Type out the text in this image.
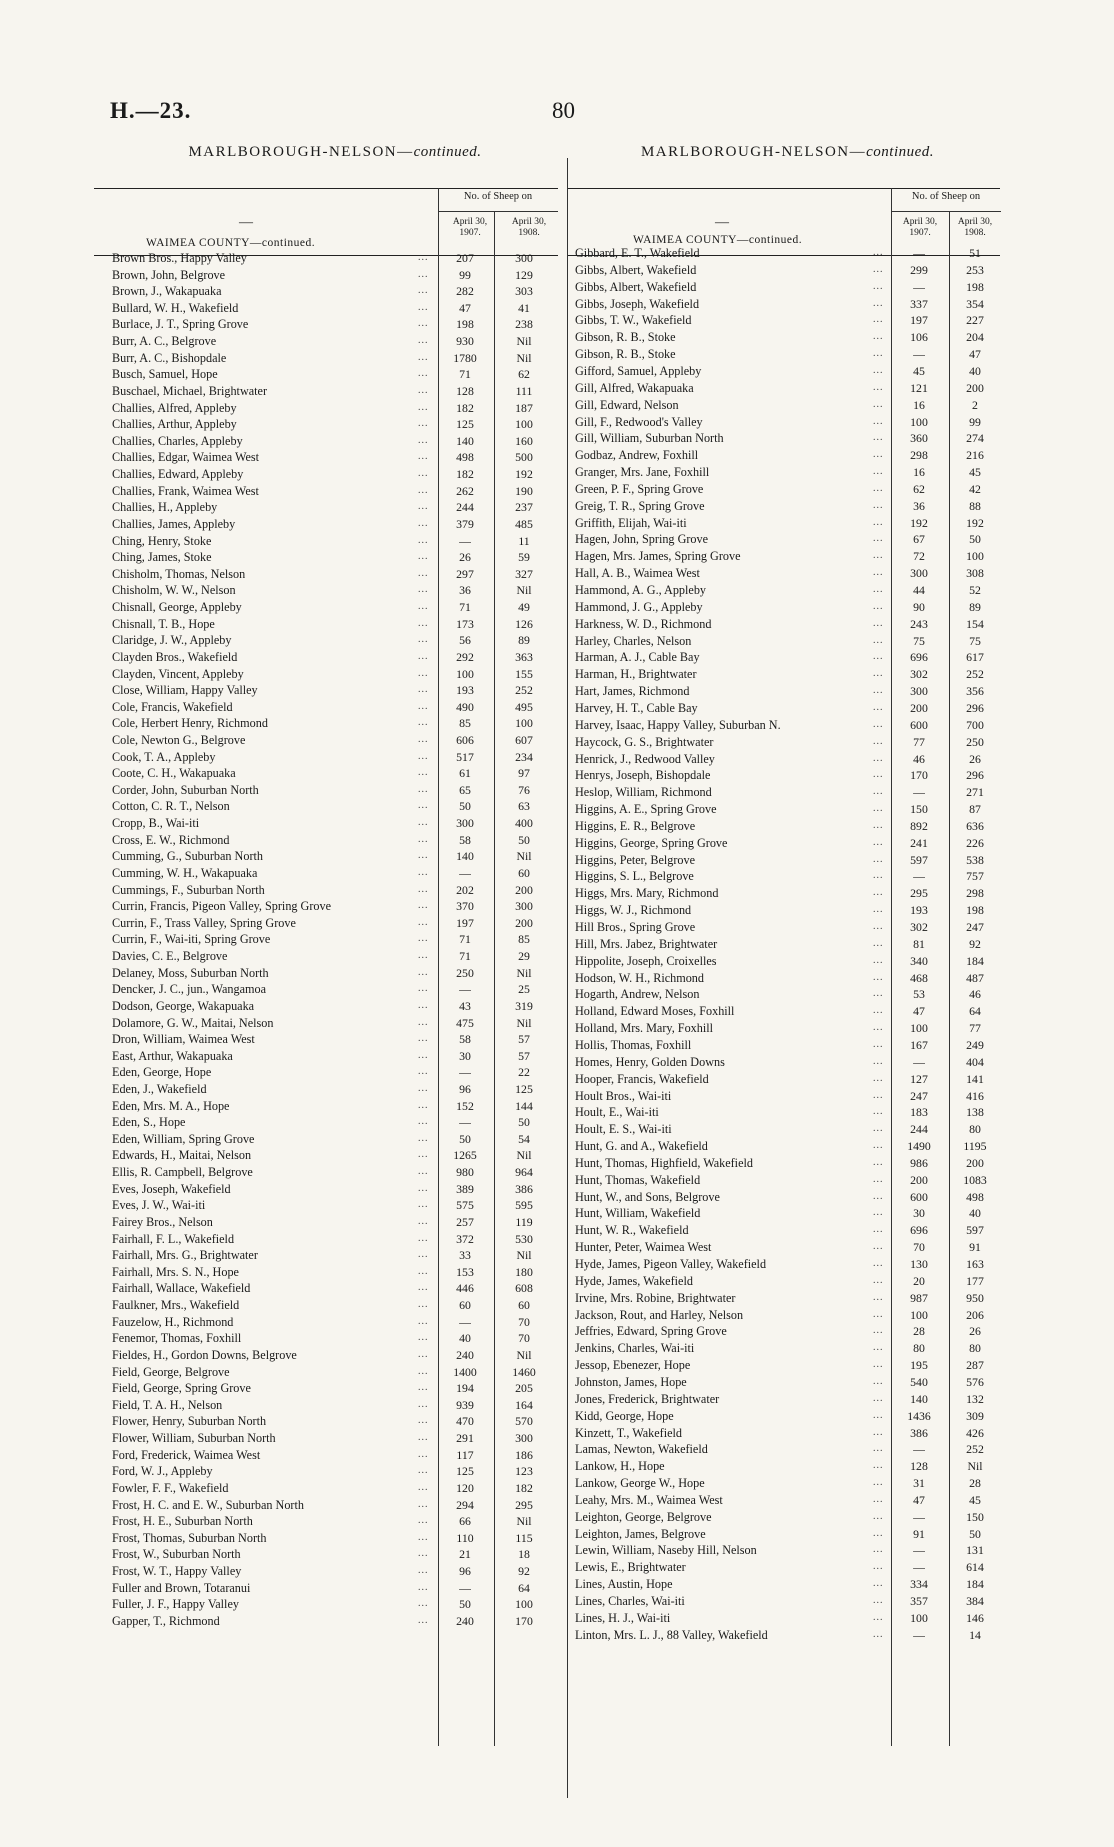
H.—23.	80
MARLBOROUGH-NELSON—continued.
—
No. of Sheep on
April 30, 1907.
April 30, 1908.
WAIMEA COUNTY—continued.
Brown Bros., Happy Valley	...	207	300
Brown, John, Belgrove	...	99	129
Brown, J., Wakapuaka	...	282	303
Bullard, W. H., Wakefield	...	47	41
Burlace, J. T., Spring Grove	...	198	238
Burr, A. C., Belgrove	...	930	Nil
Burr, A. C., Bishopdale	...	1780	Nil
Busch, Samuel, Hope	...	71	62
Buschael, Michael, Brightwater	...	128	111
Challies, Alfred, Appleby	...	182	187
Challies, Arthur, Appleby	...	125	100
Challies, Charles, Appleby	...	140	160
Challies, Edgar, Waimea West	...	498	500
Challies, Edward, Appleby	...	182	192
Challies, Frank, Waimea West	...	262	190
Challies, H., Appleby	...	244	237
Challies, James, Appleby	...	379	485
Ching, Henry, Stoke	...	—	11
Ching, James, Stoke	...	26	59
Chisholm, Thomas, Nelson	...	297	327
Chisholm, W. W., Nelson	...	36	Nil
Chisnall, George, Appleby	...	71	49
Chisnall, T. B., Hope	...	173	126
Claridge, J. W., Appleby	...	56	89
Clayden Bros., Wakefield	...	292	363
Clayden, Vincent, Appleby	...	100	155
Close, William, Happy Valley	...	193	252
Cole, Francis, Wakefield	...	490	495
Cole, Herbert Henry, Richmond	...	85	100
Cole, Newton G., Belgrove	...	606	607
Cook, T. A., Appleby	...	517	234
Coote, C. H., Wakapuaka	...	61	97
Corder, John, Suburban North	...	65	76
Cotton, C. R. T., Nelson	...	50	63
Cropp, B., Wai-iti	...	300	400
Cross, E. W., Richmond	...	58	50
Cumming, G., Suburban North	...	140	Nil
Cumming, W. H., Wakapuaka	...	—	60
Cummings, F., Suburban North	...	202	200
Currin, Francis, Pigeon Valley, Spring Grove	...	370	300
Currin, F., Trass Valley, Spring Grove	...	197	200
Currin, F., Wai-iti, Spring Grove	...	71	85
Davies, C. E., Belgrove	...	71	29
Delaney, Moss, Suburban North	...	250	Nil
Dencker, J. C., jun., Wangamoa	...	—	25
Dodson, George, Wakapuaka	...	43	319
Dolamore, G. W., Maitai, Nelson	...	475	Nil
Dron, William, Waimea West	...	58	57
East, Arthur, Wakapuaka	...	30	57
Eden, George, Hope	...	—	22
Eden, J., Wakefield	...	96	125
Eden, Mrs. M. A., Hope	...	152	144
Eden, S., Hope	...	—	50
Eden, William, Spring Grove	...	50	54
Edwards, H., Maitai, Nelson	...	1265	Nil
Ellis, R. Campbell, Belgrove	...	980	964
Eves, Joseph, Wakefield	...	389	386
Eves, J. W., Wai-iti	...	575	595
Fairey Bros., Nelson	...	257	119
Fairhall, F. L., Wakefield	...	372	530
Fairhall, Mrs. G., Brightwater	...	33	Nil
Fairhall, Mrs. S. N., Hope	...	153	180
Fairhall, Wallace, Wakefield	...	446	608
Faulkner, Mrs., Wakefield	...	60	60
Fauzelow, H., Richmond	...	—	70
Fenemor, Thomas, Foxhill	...	40	70
Fieldes, H., Gordon Downs, Belgrove	...	240	Nil
Field, George, Belgrove	...	1400	1460
Field, George, Spring Grove	...	194	205
Field, T. A. H., Nelson	...	939	164
Flower, Henry, Suburban North	...	470	570
Flower, William, Suburban North	...	291	300
Ford, Frederick, Waimea West	...	117	186
Ford, W. J., Appleby	...	125	123
Fowler, F. F., Wakefield	...	120	182
Frost, H. C. and E. W., Suburban North	...	294	295
Frost, H. E., Suburban North	...	66	Nil
Frost, Thomas, Suburban North	...	110	115
Frost, W., Suburban North	...	21	18
Frost, W. T., Happy Valley	...	96	92
Fuller and Brown, Totaranui	...	—	64
Fuller, J. F., Happy Valley	...	50	100
Gapper, T., Richmond	...	240	170
MARLBOROUGH-NELSON—continued.
—
No. of Sheep on
April 30, 1907.
April 30, 1908.
WAIMEA COUNTY—continued.
Gibbard, E. T., Wakefield	...	—	51
Gibbs, Albert, Wakefield	...	299	253
Gibbs, Albert, Wakefield	...	—	198
Gibbs, Joseph, Wakefield	...	337	354
Gibbs, T. W., Wakefield	...	197	227
Gibson, R. B., Stoke	...	106	204
Gibson, R. B., Stoke	...	—	47
Gifford, Samuel, Appleby	...	45	40
Gill, Alfred, Wakapuaka	...	121	200
Gill, Edward, Nelson	...	16	2
Gill, F., Redwood's Valley	...	100	99
Gill, William, Suburban North	...	360	274
Godbaz, Andrew, Foxhill	...	298	216
Granger, Mrs. Jane, Foxhill	...	16	45
Green, P. F., Spring Grove	...	62	42
Greig, T. R., Spring Grove	...	36	88
Griffith, Elijah, Wai-iti	...	192	192
Hagen, John, Spring Grove	...	67	50
Hagen, Mrs. James, Spring Grove	...	72	100
Hall, A. B., Waimea West	...	300	308
Hammond, A. G., Appleby	...	44	52
Hammond, J. G., Appleby	...	90	89
Harkness, W. D., Richmond	...	243	154
Harley, Charles, Nelson	...	75	75
Harman, A. J., Cable Bay	...	696	617
Harman, H., Brightwater	...	302	252
Hart, James, Richmond	...	300	356
Harvey, H. T., Cable Bay	...	200	296
Harvey, Isaac, Happy Valley, Suburban N.	...	600	700
Haycock, G. S., Brightwater	...	77	250
Henrick, J., Redwood Valley	...	46	26
Henrys, Joseph, Bishopdale	...	170	296
Heslop, William, Richmond	...	—	271
Higgins, A. E., Spring Grove	...	150	87
Higgins, E. R., Belgrove	...	892	636
Higgins, George, Spring Grove	...	241	226
Higgins, Peter, Belgrove	...	597	538
Higgins, S. L., Belgrove	...	—	757
Higgs, Mrs. Mary, Richmond	...	295	298
Higgs, W. J., Richmond	...	193	198
Hill Bros., Spring Grove	...	302	247
Hill, Mrs. Jabez, Brightwater	...	81	92
Hippolite, Joseph, Croixelles	...	340	184
Hodson, W. H., Richmond	...	468	487
Hogarth, Andrew, Nelson	...	53	46
Holland, Edward Moses, Foxhill	...	47	64
Holland, Mrs. Mary, Foxhill	...	100	77
Hollis, Thomas, Foxhill	...	167	249
Homes, Henry, Golden Downs	...	—	404
Hooper, Francis, Wakefield	...	127	141
Hoult Bros., Wai-iti	...	247	416
Hoult, E., Wai-iti	...	183	138
Hoult, E. S., Wai-iti	...	244	80
Hunt, G. and A., Wakefield	...	1490	1195
Hunt, Thomas, Highfield, Wakefield	...	986	200
Hunt, Thomas, Wakefield	...	200	1083
Hunt, W., and Sons, Belgrove	...	600	498
Hunt, William, Wakefield	...	30	40
Hunt, W. R., Wakefield	...	696	597
Hunter, Peter, Waimea West	...	70	91
Hyde, James, Pigeon Valley, Wakefield	...	130	163
Hyde, James, Wakefield	...	20	177
Irvine, Mrs. Robine, Brightwater	...	987	950
Jackson, Rout, and Harley, Nelson	...	100	206
Jeffries, Edward, Spring Grove	...	28	26
Jenkins, Charles, Wai-iti	...	80	80
Jessop, Ebenezer, Hope	...	195	287
Johnston, James, Hope	...	540	576
Jones, Frederick, Brightwater	...	140	132
Kidd, George, Hope	...	1436	309
Kinzett, T., Wakefield	...	386	426
Lamas, Newton, Wakefield	...	—	252
Lankow, H., Hope	...	128	Nil
Lankow, George W., Hope	...	31	28
Leahy, Mrs. M., Waimea West	...	47	45
Leighton, George, Belgrove	...	—	150
Leighton, James, Belgrove	...	91	50
Lewin, William, Naseby Hill, Nelson	...	—	131
Lewis, E., Brightwater	...	—	614
Lines, Austin, Hope	...	334	184
Lines, Charles, Wai-iti	...	357	384
Lines, H. J., Wai-iti	...	100	146
Linton, Mrs. L. J., 88 Valley, Wakefield	...	—	14
